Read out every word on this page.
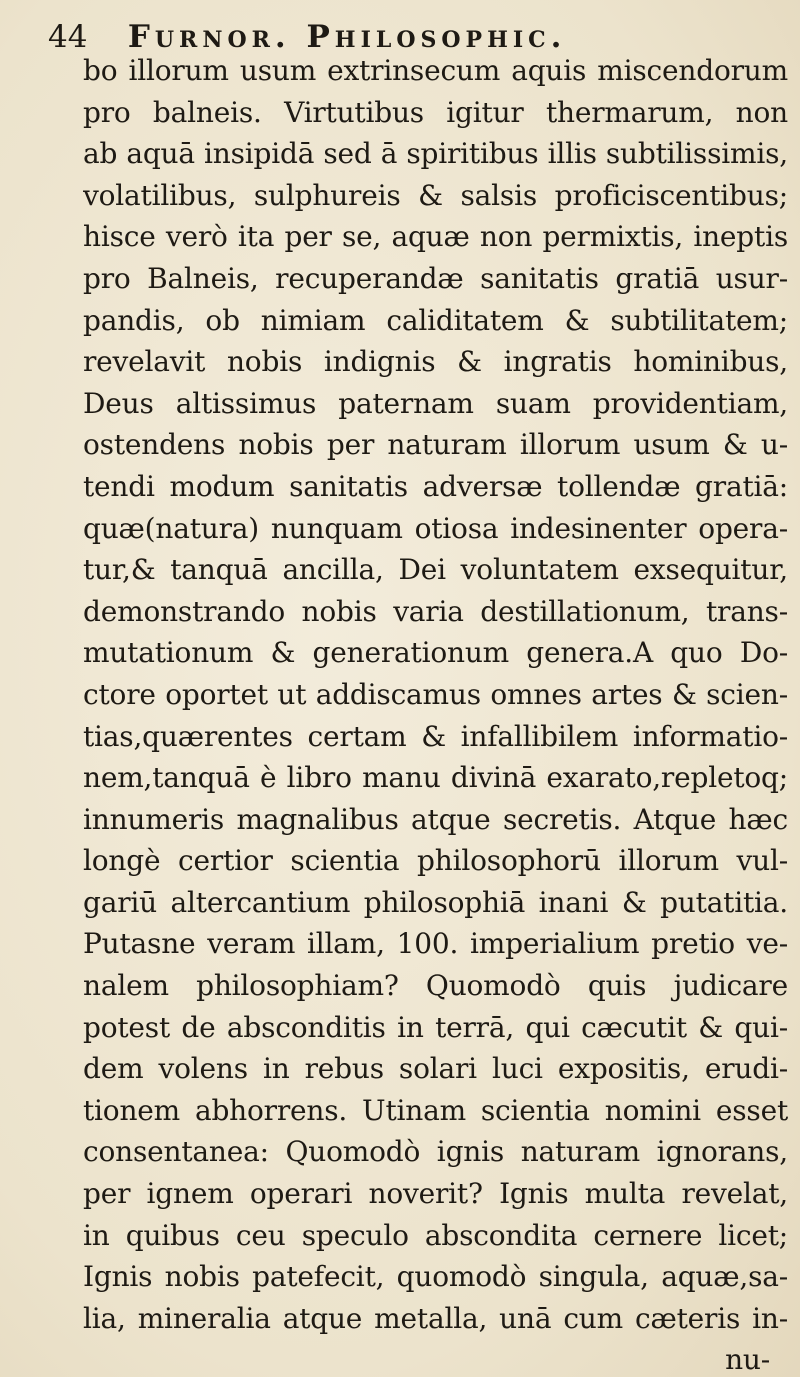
44 Furnor. Philosophic.
bo illorum usum extrinsecum aquis miscendorum
pro balneis. Virtutibus igitur thermarum, non
ab aquā insipidā sed ā spiritibus illis subtilissimis,
volatilibus, sulphureis & salsis proficiscentibus;
hisce verò ita per se, aquæ non permixtis, ineptis
pro Balneis, recuperandæ sanitatis gratiā usur-
pandis, ob nimiam caliditatem & subtilitatem;
revelavit nobis indignis & ingratis hominibus,
Deus altissimus paternam suam providentiam,
ostendens nobis per naturam illorum usum & u-
tendi modum sanitatis adversæ tollendæ gratiā:
quæ(natura) nunquam otiosa indesinenter opera-
tur,& tanquā ancilla, Dei voluntatem exsequitur,
demonstrando nobis varia destillationum, trans-
mutationum & generationum genera.A quo Do-
ctore oportet ut addiscamus omnes artes & scien-
tias,quærentes certam & infallibilem informatio-
nem,tanquā è libro manu divinā exarato,repletoq;
innumeris magnalibus atque secretis. Atque hæc
longè certior scientia philosophorū illorum vul-
gariū altercantium philosophiā inani & putatitia.
Putasne veram illam, 100. imperialium pretio ve-
nalem philosophiam? Quomodò quis judicare
potest de absconditis in terrā, qui cæcutit & qui-
dem volens in rebus solari luci expositis, erudi-
tionem abhorrens. Utinam scientia nomini esset
consentanea: Quomodò ignis naturam ignorans,
per ignem operari noverit? Ignis multa revelat,
in quibus ceu speculo abscondita cernere licet;
Ignis nobis patefecit, quomodò singula, aquæ,sa-
lia, mineralia atque metalla, unā cum cæteris in-
nu-
